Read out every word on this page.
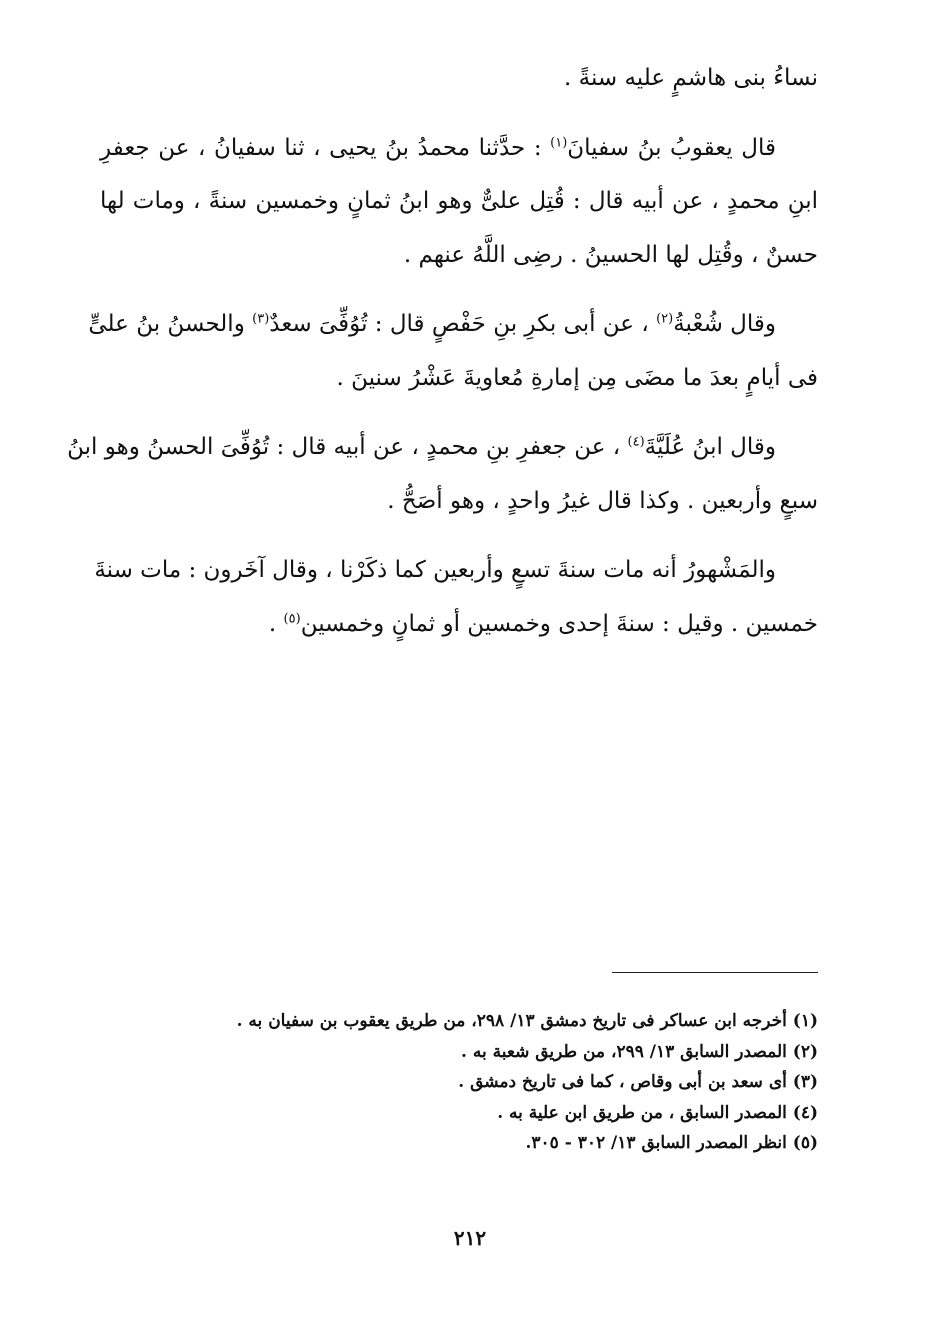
نساءُ بنى هاشمٍ عليه سنةً .

قال يعقوبُ بنُ سفيانَ$^{(١)}$ : حدَّثنا محمدُ بنُ يحيى ، ثنا سفيانُ ، عن جعفرِ
ابنِ محمدٍ ، عن أبيه قال : قُتِل علىٌّ وهو ابنُ ثمانٍ وخمسين سنةً ، ومات لها
حسنٌ ، وقُتِل لها الحسينُ . رضِى اللَّهُ عنهم .

وقال شُعْبةُ$^{(٢)}$ ، عن أبى بكرِ بنِ حَفْصٍ قال : تُوُفِّىَ سعدٌ$^{(٣)}$ والحسنُ بنُ علىٍّ
فى أيامٍ بعدَ ما مضَى مِن إمارةِ مُعاويةَ عَشْرُ سنينَ .

وقال ابنُ عُلَيَّةَ$^{(٤)}$ ، عن جعفرِ بنِ محمدٍ ، عن أبيه قال : تُوُفِّىَ الحسنُ وهو ابنُ
سبعٍ وأربعين . وكذا قال غيرُ واحدٍ ، وهو أصَحُّ .

والمَشْهورُ أنه مات سنةَ تسعٍ وأربعين كما ذكَرْنا ، وقال آخَرون : مات سنةَ
خمسين . وقيل : سنةَ إحدى وخمسين أو ثمانٍ وخمسين$^{(٥)}$ .

(١) أخرجه ابن عساكر فى تاريخ دمشق ١٣/ ٢٩٨، من طريق يعقوب بن سفيان به .
(٢) المصدر السابق ١٣/ ٢٩٩، من طريق شعبة به .
(٣) أى سعد بن أبى وقاص ، كما فى تاريخ دمشق .
(٤) المصدر السابق ، من طريق ابن علية به .
(٥) انظر المصدر السابق ١٣/ ٣٠٢ - ٣٠٥.
٢١٢
